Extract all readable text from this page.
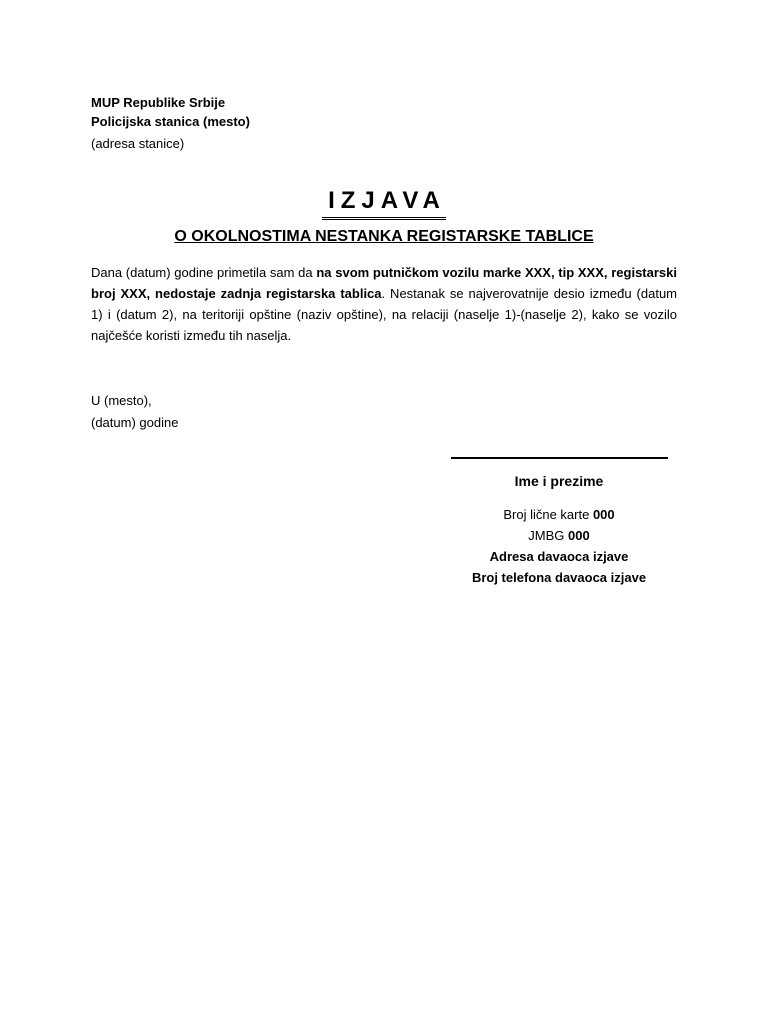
MUP Republike Srbije
Policijska stanica (mesto)
(adresa stanice)
IZJAVA
O OKOLNOSTIMA NESTANKA REGISTARSKE TABLICE
Dana (datum) godine primetila sam da na svom putničkom vozilu marke XXX, tip XXX, registarski broj XXX, nedostaje zadnja registarska tablica. Nestanak se najverovatnije desio između (datum 1) i (datum 2), na teritoriji opštine (naziv opštine), na relaciji (naselje 1)-(naselje 2), kako se vozilo najčešće koristi između tih naselja.
U (mesto),
(datum) godine
Ime i prezime
Broj lične karte 000
JMBG 000
Adresa davaoca izjave
Broj telefona davaoca izjave
